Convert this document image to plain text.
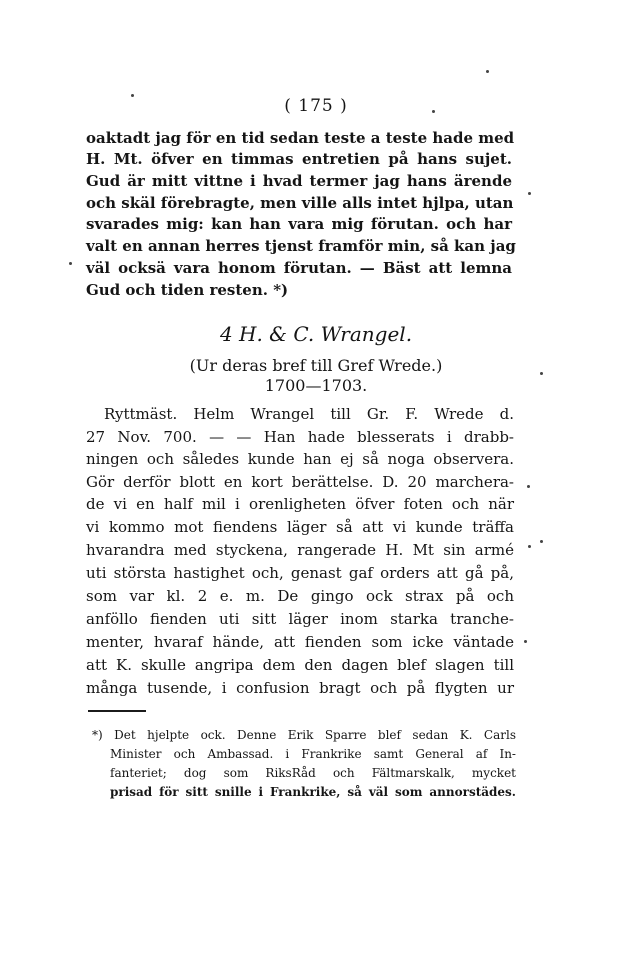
( 175 )
oaktadt jag för en tid sedan teste a teste hade med
H. Mt. öfver en timmas entretien på hans sujet.
Gud är mitt vittne i hvad termer jag hans ärende
och skäl förebragte, men ville alls intet hjlpa, utan
svarades mig: kan han vara mig förutan. och har
valt en annan herres tjenst framför min, så kan jag
väl ocksä vara honom förutan. — Bäst att lemna
Gud och tiden resten. *)
4 H. & C. Wrangel.
(Ur deras bref till Gref Wrede.)
1700—1703.
Ryttmäst. Helm Wrangel till Gr. F. Wrede d.
27 Nov. 700. — — Han hade blesserats i drabb-
ningen och således kunde han ej så noga observera.
Gör derför blott en kort berättelse. D. 20 marchera-
de vi en half mil i orenligheten öfver foten och när
vi kommo mot fiendens läger så att vi kunde träffa
hvarandra med styckena, rangerade H. Mt sin armé
uti största hastighet och, genast gaf orders att gå på,
som var kl. 2 e. m. De gingo ock strax på och
anföllo fienden uti sitt läger inom starka tranche-
menter, hvaraf hände, att fienden som icke väntade
att K. skulle angripa dem den dagen blef slagen till
många tusende, i confusion bragt och på flygten ur
*) Det hjelpte ock. Denne Erik Sparre blef sedan K. Carls
Minister och Ambassad. i Frankrike samt General af In-
fanteriet; dog som RiksRåd och Fältmarskalk, mycket
prisad för sitt snille i Frankrike, så väl som annorstädes.
